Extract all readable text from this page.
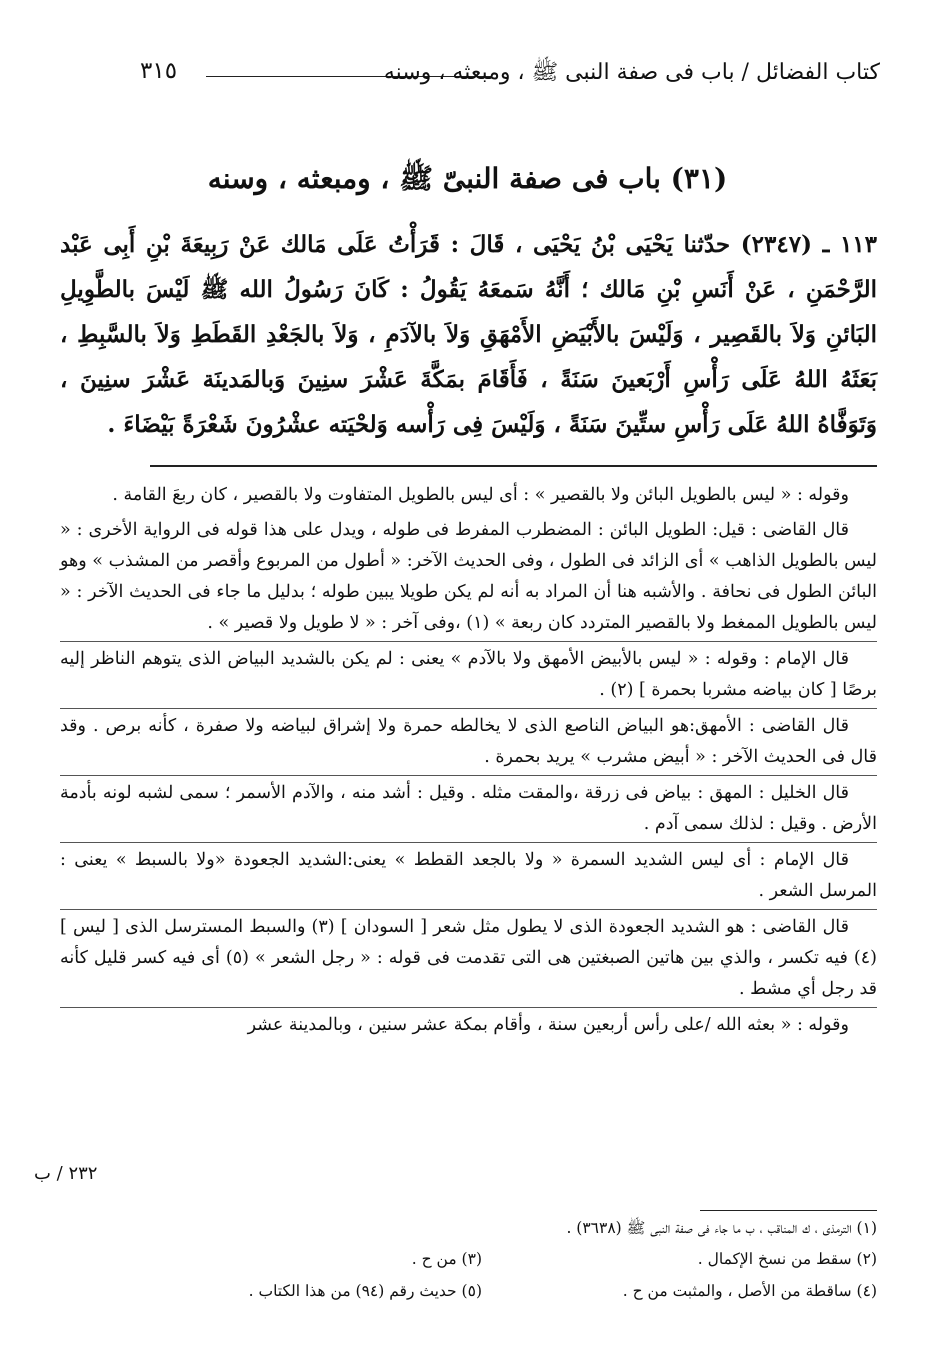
٣١٥	كتاب الفضائل / باب فى صفة النبى ﷺ ، ومبعثه ، وسنه
(٣١) باب فى صفة النبىّ ﷺ ، ومبعثه ، وسنه
١١٣ ـ (٢٣٤٧) حدّثنا يَحْيَى بْنُ يَحْيَى ، قَالَ : قَرَأْتُ عَلَى مَالك عَنْ رَبِيعَةَ بْنِ أَبِى عَبْد الرَّحْمَنِ ، عَنْ أَنَسِ بْنِ مَالك ؛ أَنَّهُ سَمعَهُ يَقُولُ : كَانَ رَسُولُ الله ﷺ لَيْسَ بالطَّوِيلِ البَائنِ وَلاَ بالقَصِير ، وَلَيْسَ بالأَبْيَضِ الأَمْهَقِ وَلاَ بالآدَمِ ، وَلاَ بالجَعْدِ القَطَطِ وَلاَ بالسَّبِطِ ، بَعَثَهُ اللهُ عَلَى رَأْسِ أَرْبَعينَ سَنَةً ، فَأَقَامَ بمَكَّةَ عَشْرَ سنِينَ وَبالمَدينَة عَشْرَ سنِينَ ، وَتَوَفَّاهُ اللهُ عَلَى رَأْسِ ستِّينَ سَنَةً ، وَلَيْسَ فِى رَأْسه وَلحْيَته عشْرُونَ شَعْرَةً بَيْضَاءَ .

وقوله : « ليس بالطويل البائن ولا بالقصير » : أى ليس بالطويل المتفاوت ولا بالقصير ، كان ربعَ القامة .

قال القاضى : قيل: الطويل البائن : المضطرب المفرط فى طوله ، ويدل على هذا قوله فى الرواية الأخرى : « ليس بالطويل الذاهب » أى الزائد فى الطول ، وفى الحديث الآخر: « أطول من المربوع وأقصر من المشذب » وهو البائن الطول فى نحافة . والأشبه هنا أن المراد به أنه لم يكن طويلا يبين طوله ؛ بدليل ما جاء فى الحديث الآخر : « ليس بالطويل الممغط ولا بالقصير المتردد كان ربعة » (١) ،وفى آخر : « لا طويل ولا قصير » .

قال الإمام : وقوله : « ليس بالأبيض الأمهق ولا بالآدم » يعنى : لم يكن بالشديد البياض الذى يتوهم الناظر إليه برصًا [ كان بياضه مشربا بحمرة ] (٢) .

قال القاضى : الأمهق:هو البياض الناصع الذى لا يخالطه حمرة ولا إشراق لبياضه ولا صفرة ، كأنه برص . وقد قال فى الحديث الآخر : « أبيض مشرب » يريد بحمرة .

قال الخليل : المهق : بياض فى زرقة ،والمقت مثله . وقيل : أشد منه ، والآدم الأسمر ؛ سمى لشبه لونه بأدمة الأرض . وقيل : لذلك سمى آدم .

قال الإمام : أى ليس الشديد السمرة « ولا بالجعد القطط » يعنى:الشديد الجعودة «ولا بالسبط » يعنى : المرسل الشعر .

قال القاضى : هو الشديد الجعودة الذى لا يطول مثل شعر [ السودان ] (٣) والسبط المسترسل الذى [ ليس ] (٤) فيه تكسر ، والذي بين هاتين الصبغتين هى التى تقدمت فى قوله : « رجل الشعر » (٥) أى فيه كسر قليل كأنه قد رجل أي مشط .

وقوله : « بعثه الله /على رأس أربعين سنة ، وأقام بمكة عشر سنين ، وبالمدينة عشر

٢٣٢ / ب
(١) الترمذى ، ك المناقب ، ب ما جاء فى صفة النبى ﷺ (٣٦٣٨) .
(٢) سقط من نسخ الإكمال .
(٣) من ح .
(٤) ساقطة من الأصل ، والمثبت من ح .
(٥) حديث رقم (٩٤) من هذا الكتاب .
